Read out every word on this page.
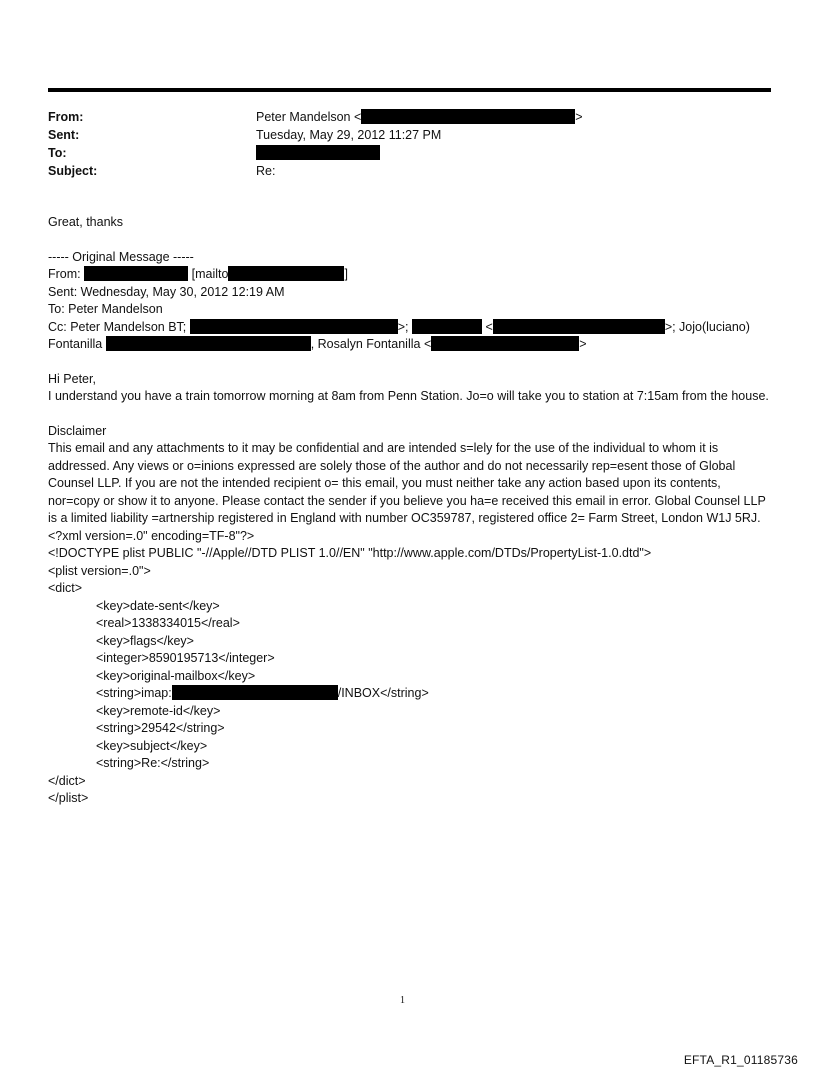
From:	Peter Mandelson <	>
Sent:	Tuesday, May 29, 2012 11:27 PM
To:
Subject:	Re:

Great, thanks

----- Original Message -----

From:	[mailto	]

Sent: Wednesday, May 30, 2012 12:19 AM

To: Peter Mandelson

Cc: Peter Mandelson BT;	>;	<	>; Jojo(luciano)

Fontanilla	, Rosalyn Fontanilla <	>

Hi Peter,

I understand you have a train tomorrow morning at 8am from Penn Station. Jo=o will take you to station at 7:15am from the house.

Disclaimer

This email and any attachments to it may be confidential and are intended s=lely for the use of the individual to whom it is addressed. Any views or o=inions expressed are solely those of the author and do not necessarily rep=esent those of Global Counsel LLP. If you are not the intended recipient o= this email, you must neither take any action based upon its contents, nor=copy or show it to anyone. Please contact the sender if you believe you ha=e received this email in error. Global Counsel LLP is a limited liability =artnership registered in England with number OC359787, registered office 2= Farm Street, London W1J 5RJ.

<?xml version=.0" encoding=TF-8"?>

<!DOCTYPE plist PUBLIC "-//Apple//DTD PLIST 1.0//EN" "http://www.apple.com/DTDs/PropertyList-1.0.dtd">

<plist version=.0">

<dict>

<key>date-sent</key>

<real>1338334015</real>

<key>flags</key>

<integer>8590195713</integer>

<key>original-mailbox</key>

<string>imap:	/INBOX</string>

<key>remote-id</key>

<string>29542</string>

<key>subject</key>

<string>Re:</string>

</dict>

</plist>

1
EFTA_R1_01185736
